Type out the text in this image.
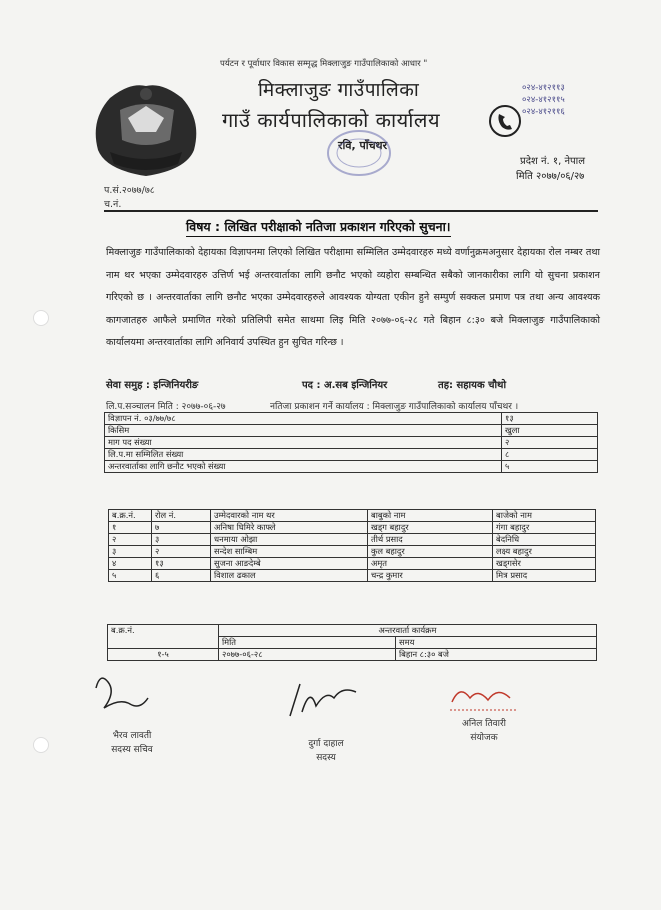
पर्यटन र पूर्वाधार विकास सम्मृद्ध मिक्लाजुङ गाउँपालिकाको आधार "
मिक्लाजुङ गाउँपालिका
गाउँ कार्यपालिकाको कार्यालय
रवि, पाँचथर
०२४-४१२११३
०२४-४१२११५
०२४-४१२११६
प्रदेश नं. १, नेपाल
मिति २०७७/०६/२७
प.सं.२०७७/७८
च.नं.
विषय : लिखित परीक्षाको नतिजा प्रकाशन गरिएको सुचना।
मिक्लाजुङ गाउँपालिकाको देहायका विज्ञापनमा लिएको लिखित परीक्षामा सम्मिलित उम्मेदवारहरु मध्ये वर्णानुक्रमअनुसार देहायका रोल नम्बर तथा नाम थर भएका उम्मेदवारहरु उत्तिर्ण भई अन्तरवार्ताका लागि छनौट भएको व्यहोरा सम्बन्धित सबैको जानकारीका लागि यो सुचना प्रकाशन गरिएको छ । अन्तरवार्ताका लागि छनौट भएका उम्मेदवारहरुले आवश्यक योग्यता एकीन हुने सम्पुर्ण सक्कल प्रमाण पत्र तथा अन्य आवश्यक कागजातहरु आफैले प्रमाणित गरेको प्रतिलिपी समेत साथमा लिइ मिति २०७७-०६-२८ गते बिहान ८:३० बजे मिक्लाजुङ गाउँपालिकाको कार्यालयमा अन्तरवार्ताका लागि अनिवार्य उपस्थित हुन सुचित गरिन्छ ।
सेवा समुह : इन्जिनियरीङ	पद : अ.सब इन्जिनियर	तह: सहायक चौथो
लि.प.सञ्चालन मिति : २०७७-०६-२७	नतिजा प्रकाशन गर्ने कार्यालय : मिक्लाजुङ गाउँपालिकाको कार्यालय पाँचथर ।
विज्ञापन नं. ०३/७७/७८	१३
किसिम	खुला
माग पद संख्या	२
लि.प.मा सम्मिलित संख्या	८
अन्तरवार्ताका लागि छनौट भएको संख्या	५
ब.क्र.नं.	रोल नं.	उम्मेदवारको नाम थर	बाबुको नाम	बाजेको नाम
१	७	अनिषा घिमिरे काफ्ले	खड्ग बहादुर	गंगा बहादुर
२	३	धनमाया ओझा	तीर्थ प्रसाद	बेदनिधि
३	२	सन्देश साम्बिम	कुल बहादुर	लक्ष्य बहादुर
४	१३	सुजना आङदेम्बे	अमृत	खड्गसेर
५	६	विशाल ढकाल	चन्द्र कुमार	मित्र प्रसाद
ब.क्र.नं.	अन्तरवार्ता कार्यक्रम	
	मिति	समय
१-५	२०७७-०६-२८	बिहान ८:३० बजे
भैरव लावती
सदस्य सचिव
दुर्गा दाहाल
सदस्य
अनिल तिवारी
संयोजक
